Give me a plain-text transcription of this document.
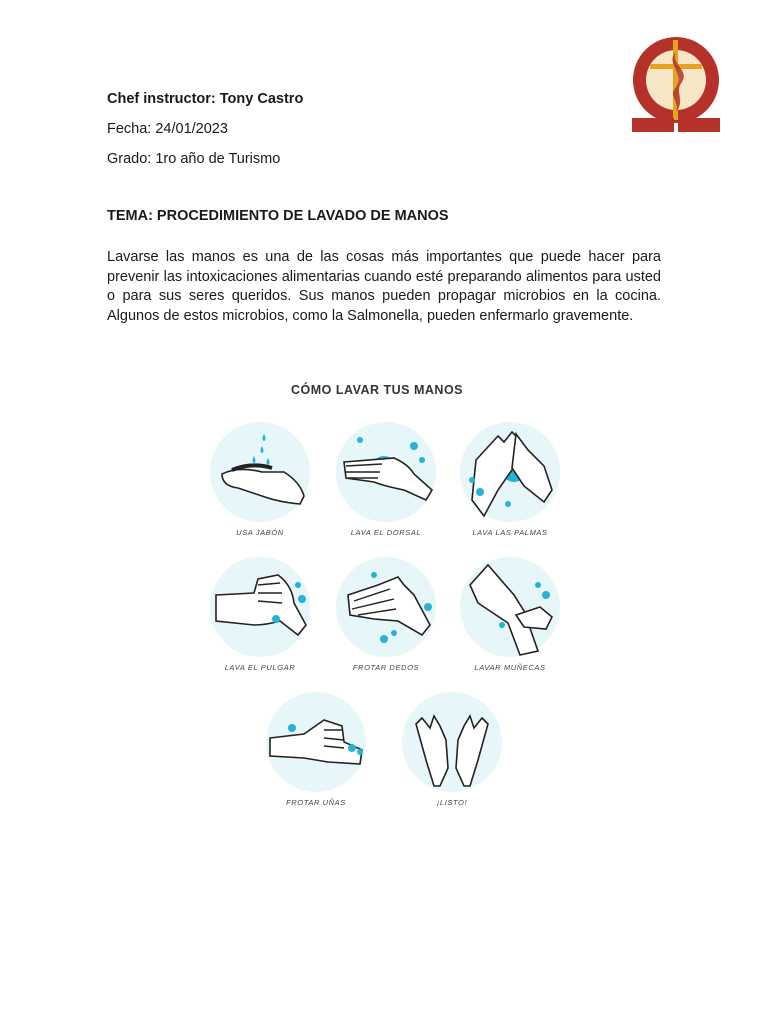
Chef instructor: Tony Castro
Fecha: 24/01/2023
Grado: 1ro año de Turismo
TEMA: PROCEDIMIENTO DE LAVADO DE MANOS

Lavarse las manos es una de las cosas más importantes que puede hacer para prevenir las intoxicaciones alimentarias cuando esté preparando alimentos para usted o para sus seres queridos. Sus manos pueden propagar microbios en la cocina. Algunos de estos microbios, como la Salmonella, pueden enfermarlo gravemente.

CÓMO LAVAR TUS MANOS
USA JABÓN	LAVA EL DORSAL	LAVA LAS PALMAS
LAVA EL PULGAR	FROTAR DEDOS	LAVAR MUÑECAS
FROTAR UÑAS	¡LISTO!
